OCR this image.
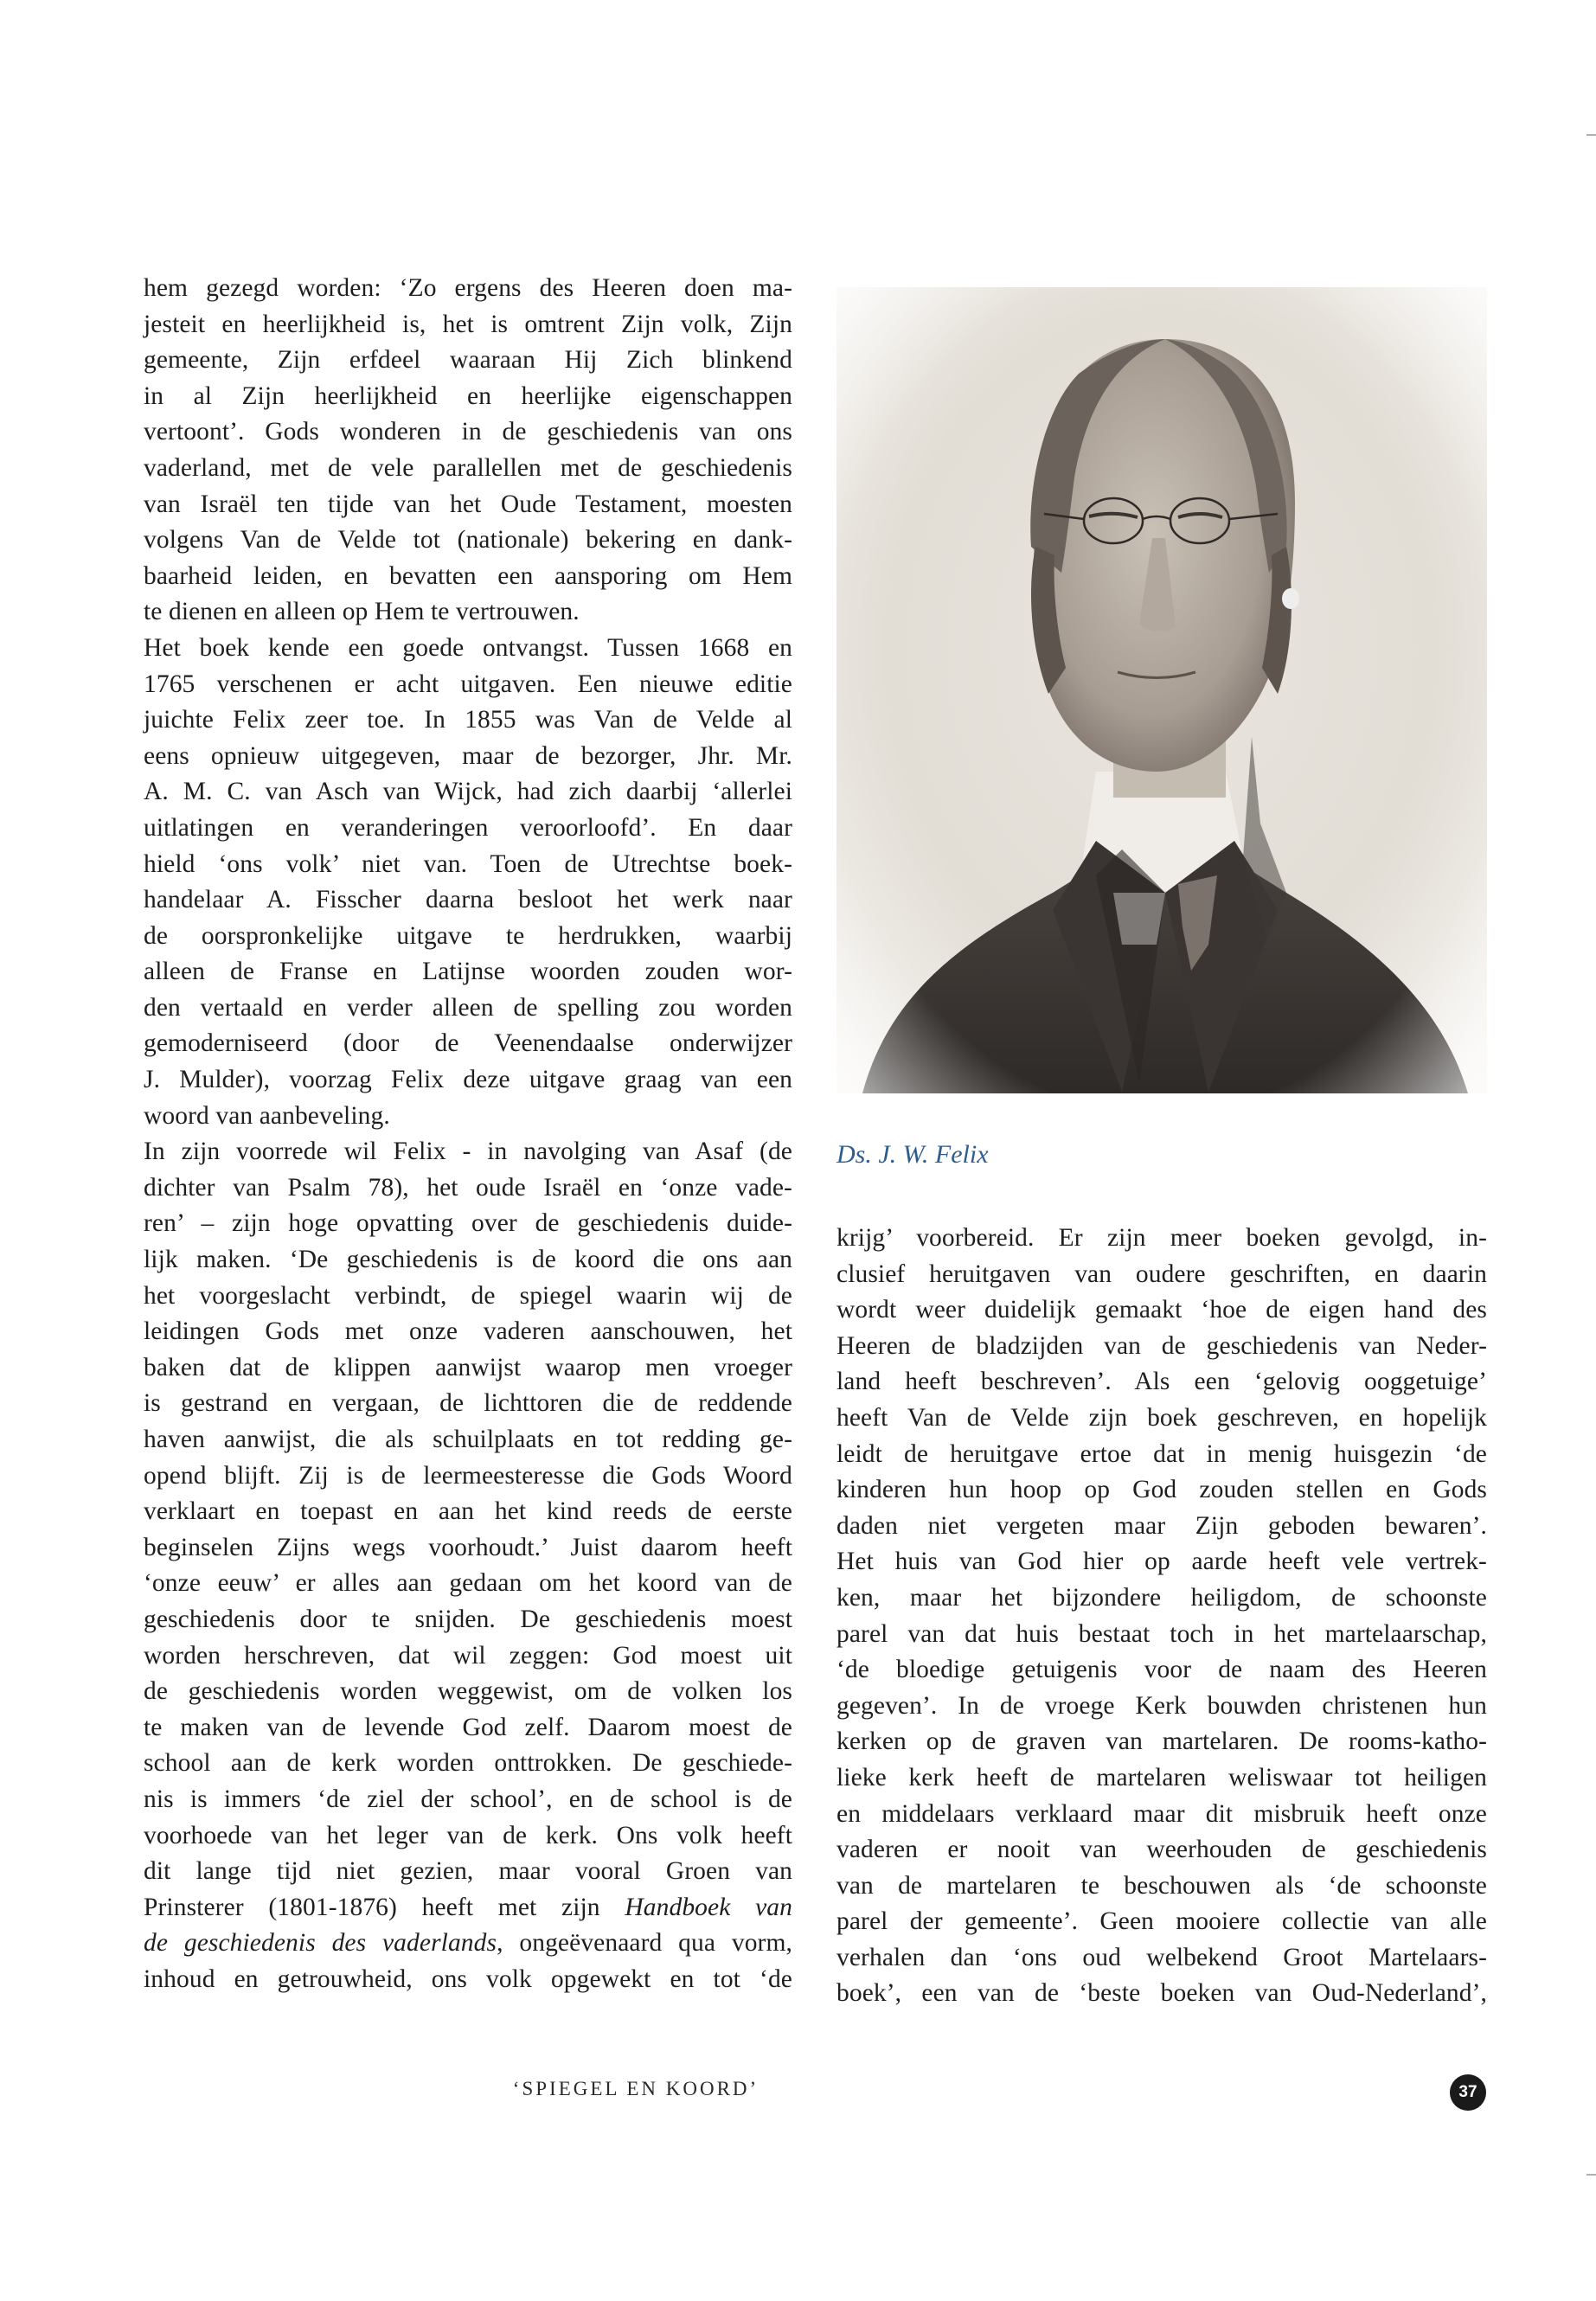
hem gezegd worden: ‘Zo ergens des Heeren doen ma-
jesteit en heerlijkheid is, het is omtrent Zijn volk, Zijn
gemeente, Zijn erfdeel waaraan Hij Zich blinkend
in al Zijn heerlijkheid en heerlijke eigenschappen
vertoont’. Gods wonderen in de geschiedenis van ons
vaderland, met de vele parallellen met de geschiedenis
van Israël ten tijde van het Oude Testament, moesten
volgens Van de Velde tot (nationale) bekering en dank-
baarheid leiden, en bevatten een aansporing om Hem
te dienen en alleen op Hem te vertrouwen.
Het boek kende een goede ontvangst. Tussen 1668 en
1765 verschenen er acht uitgaven. Een nieuwe editie
juichte Felix zeer toe. In 1855 was Van de Velde al
eens opnieuw uitgegeven, maar de bezorger, Jhr. Mr.
A. M. C. van Asch van Wijck, had zich daarbij ‘allerlei
uitlatingen en veranderingen veroorloofd’. En daar
hield ‘ons volk’ niet van. Toen de Utrechtse boek-
handelaar A. Fisscher daarna besloot het werk naar
de oorspronkelijke uitgave te herdrukken, waarbij
alleen de Franse en Latijnse woorden zouden wor-
den vertaald en verder alleen de spelling zou worden
gemoderniseerd (door de Veenendaalse onderwijzer
J. Mulder), voorzag Felix deze uitgave graag van een
woord van aanbeveling.
In zijn voorrede wil Felix - in navolging van Asaf (de
dichter van Psalm 78), het oude Israël en ‘onze vade-
ren’ – zijn hoge opvatting over de geschiedenis duide-
lijk maken. ‘De geschiedenis is de koord die ons aan
het voorgeslacht verbindt, de spiegel waarin wij de
leidingen Gods met onze vaderen aanschouwen, het
baken dat de klippen aanwijst waarop men vroeger
is gestrand en vergaan, de lichttoren die de reddende
haven aanwijst, die als schuilplaats en tot redding ge-
opend blijft. Zij is de leermeesteresse die Gods Woord
verklaart en toepast en aan het kind reeds de eerste
beginselen Zijns wegs voorhoudt.’ Juist daarom heeft
‘onze eeuw’ er alles aan gedaan om het koord van de
geschiedenis door te snijden. De geschiedenis moest
worden herschreven, dat wil zeggen: God moest uit
de geschiedenis worden weggewist, om de volken los
te maken van de levende God zelf. Daarom moest de
school aan de kerk worden onttrokken. De geschiede-
nis is immers ‘de ziel der school’, en de school is de
voorhoede van het leger van de kerk. Ons volk heeft
dit lange tijd niet gezien, maar vooral Groen van
Prinsterer (1801-1876) heeft met zijn Handboek van
de geschiedenis des vaderlands, ongeëvenaard qua vorm,
inhoud en getrouwheid, ons volk opgewekt en tot ‘de
Ds. J. W. Felix
krijg’ voorbereid. Er zijn meer boeken gevolgd, in-
clusief heruitgaven van oudere geschriften, en daarin
wordt weer duidelijk gemaakt ‘hoe de eigen hand des
Heeren de bladzijden van de geschiedenis van Neder-
land heeft beschreven’. Als een ‘gelovig ooggetuige’
heeft Van de Velde zijn boek geschreven, en hopelijk
leidt de heruitgave ertoe dat in menig huisgezin ‘de
kinderen hun hoop op God zouden stellen en Gods
daden niet vergeten maar Zijn geboden bewaren’.
Het huis van God hier op aarde heeft vele vertrek-
ken, maar het bijzondere heiligdom, de schoonste
parel van dat huis bestaat toch in het martelaarschap,
‘de bloedige getuigenis voor de naam des Heeren
gegeven’. In de vroege Kerk bouwden christenen hun
kerken op de graven van martelaren. De rooms-katho-
lieke kerk heeft de martelaren weliswaar tot heiligen
en middelaars verklaard maar dit misbruik heeft onze
vaderen er nooit van weerhouden de geschiedenis
van de martelaren te beschouwen als ‘de schoonste
parel der gemeente’. Geen mooiere collectie van alle
verhalen dan ‘ons oud welbekend Groot Martelaars-
boek’, een van de ‘beste boeken van Oud-Nederland’,
‘SPIEGEL EN KOORD’	37
